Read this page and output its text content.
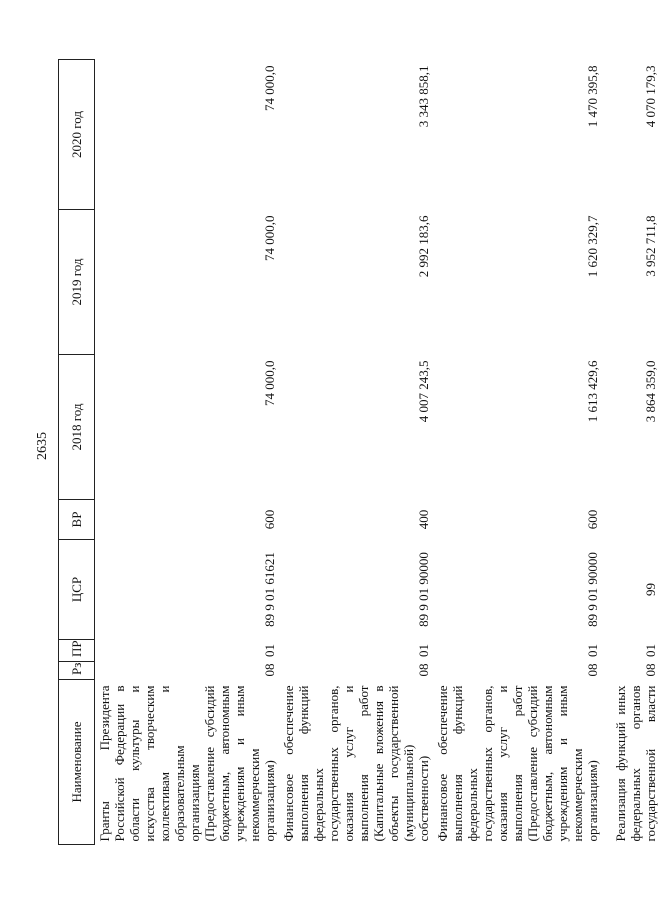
2635
Наименование	Рз	ПР	ЦСР	ВР	2018 год	2019 год	2020 год
Гранты Президента Российской Федерации в области культуры и искусства творческим коллективам и образовательным организациям (Предоставление субсидий бюджетным, автономным учреждениям и иным некоммерческим организациям)	08	01	89 9 01 61621	600	74 000,0	74 000,0	74 000,0
Финансовое обеспечение выполнения функций федеральных государственных органов, оказания услуг и выполнения работ (Капитальные вложения в объекты государственной (муниципальной) собственности)	08	01	89 9 01 90000	400	4 007 243,5	2 992 183,6	3 343 858,1
Финансовое обеспечение выполнения функций федеральных государственных органов, оказания услуг и выполнения работ (Предоставление субсидий бюджетным, автономным учреждениям и иным некоммерческим организациям)	08	01	89 9 01 90000	600	1 613 429,6	1 620 329,7	1 470 395,8
Реализация функций иных федеральных органов государственной власти	08	01	99		3 864 359,0	3 952 711,8	4 070 179,3
